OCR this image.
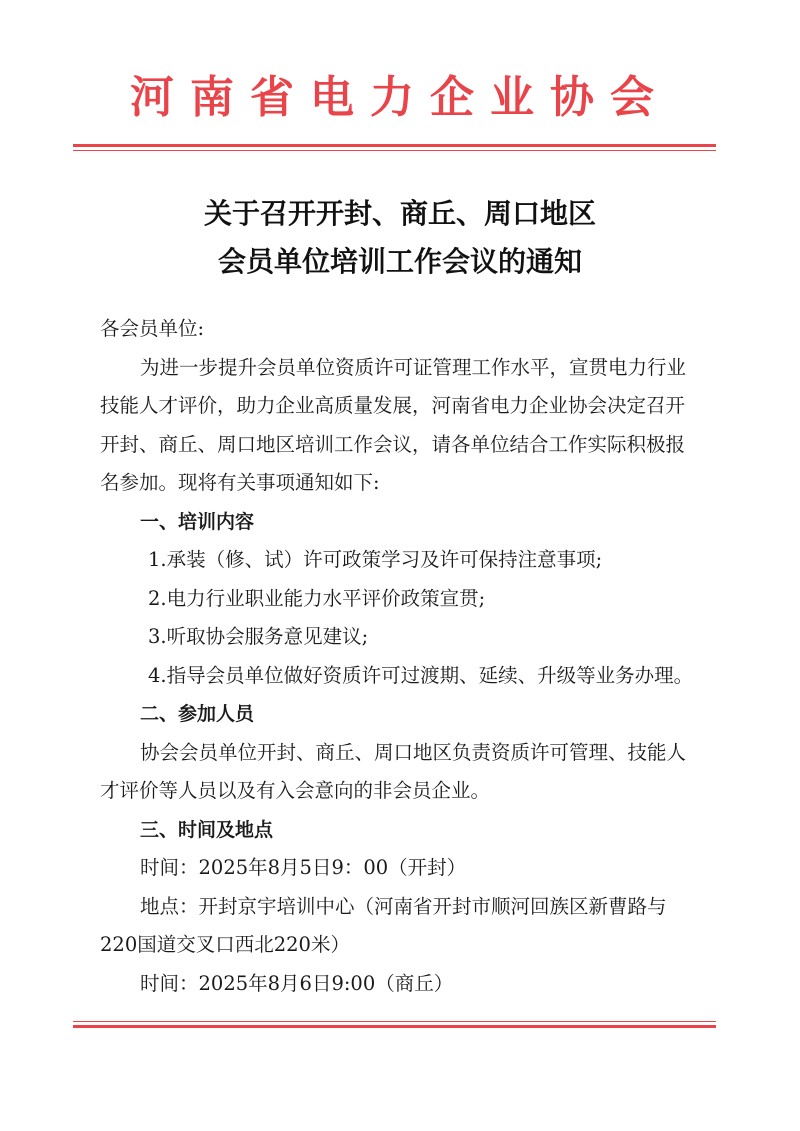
河南省电力企业协会
关于召开开封、商丘、周口地区
会员单位培训工作会议的通知

各会员单位:

为进一步提升会员单位资质许可证管理工作水平，宣贯电力行业技能人才评价，助力企业高质量发展，河南省电力企业协会决定召开开封、商丘、周口地区培训工作会议，请各单位结合工作实际积极报名参加。现将有关事项通知如下:

一、培训内容

1.承装（修、试）许可政策学习及许可保持注意事项;

2.电力行业职业能力水平评价政策宣贯;

3.听取协会服务意见建议;

4.指导会员单位做好资质许可过渡期、延续、升级等业务办理。

二、参加人员

协会会员单位开封、商丘、周口地区负责资质许可管理、技能人才评价等人员以及有入会意向的非会员企业。

三、时间及地点

时间：2025年8月5日9：00（开封）

地点：开封京宇培训中心（河南省开封市顺河回族区新曹路与220国道交叉口西北220米）

时间：2025年8月6日9:00（商丘）
